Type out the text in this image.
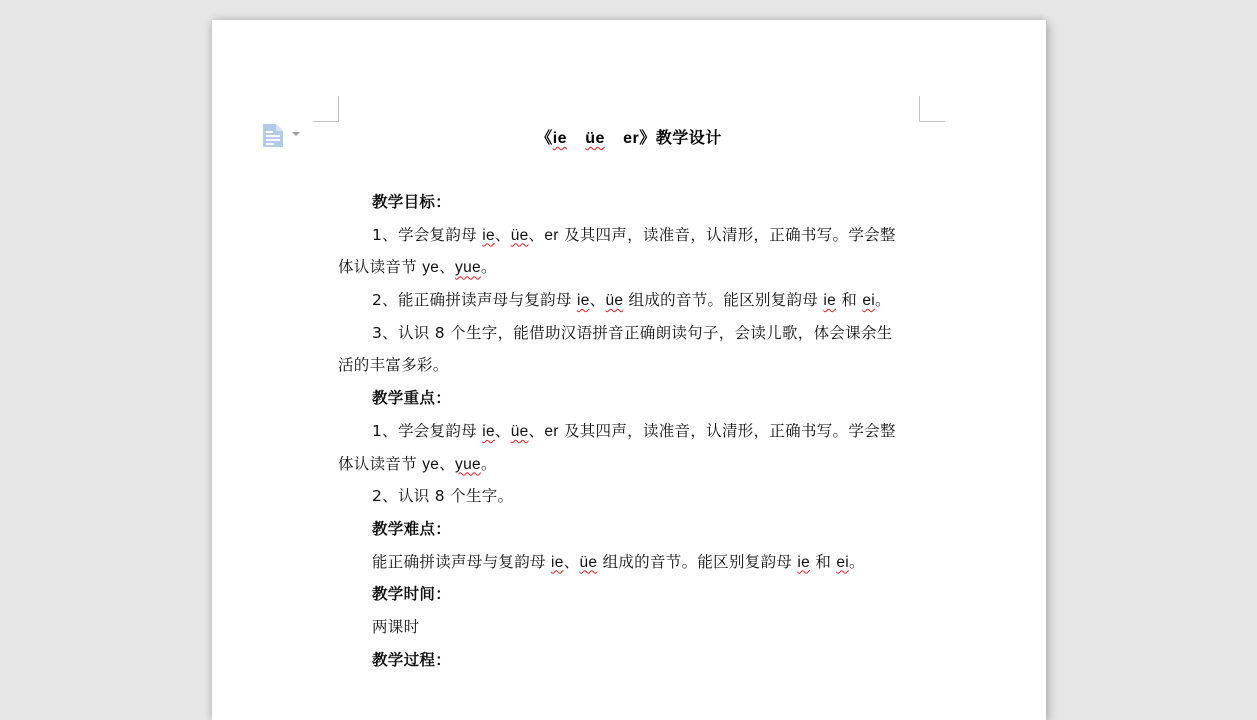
《ie üe er》教学设计
教学目标：
1、学会复韵母 ie、üe、er 及其四声，读准音，认清形，正确书写。学会整
体认读音节 ye、yue。
2、能正确拼读声母与复韵母 ie、üe 组成的音节。能区别复韵母 ie 和 ei。
3、认识 8 个生字，能借助汉语拼音正确朗读句子，会读儿歌，体会课余生
活的丰富多彩。
教学重点：
1、学会复韵母 ie、üe、er 及其四声，读准音，认清形，正确书写。学会整
体认读音节 ye、yue。
2、认识 8 个生字。
教学难点：
能正确拼读声母与复韵母 ie、üe 组成的音节。能区别复韵母 ie 和 ei。
教学时间：
两课时
教学过程：
